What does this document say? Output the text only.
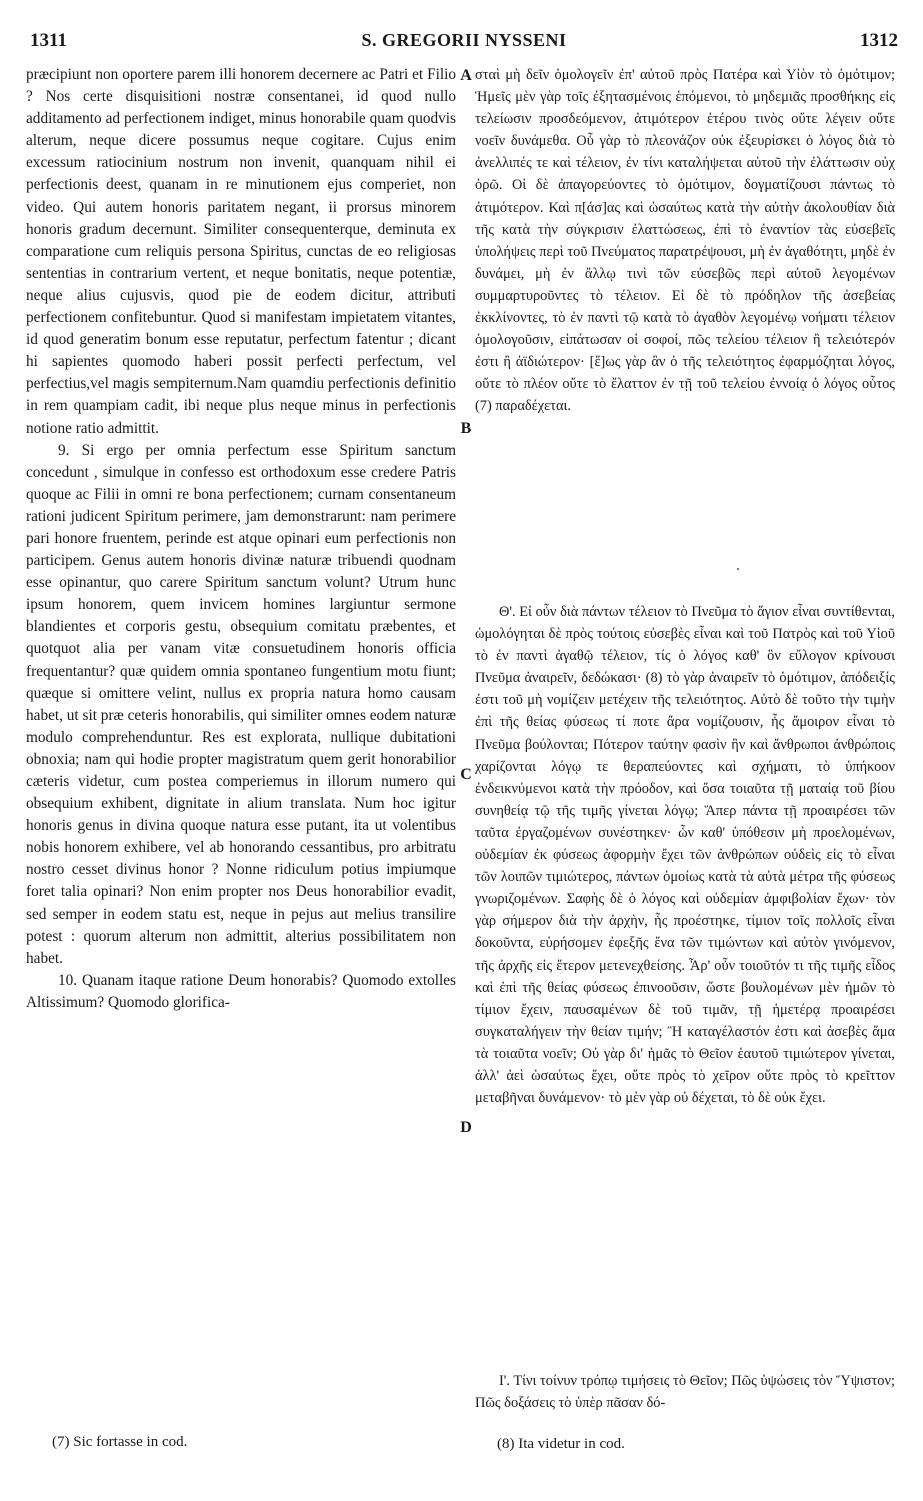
1311	S. GREGORII NYSSENI	1312

præcipiunt non oportere parem illi honorem decernere ac Patri et Filio ? Nos certe disquisitioni nostræ consentanei, id quod nullo additamento ad perfectionem indiget, minus honorabile quam quodvis alterum, neque dicere possumus neque cogitare. Cujus enim excessum ratiocinium nostrum non invenit, quanquam nihil ei perfectionis deest, quanam in re minutionem ejus comperiet, non video. Qui autem honoris paritatem negant, ii prorsus minorem honoris gradum decernunt. Similiter consequenterque, deminuta ex comparatione cum reliquis persona Spiritus, cunctas de eo religiosas sententias in contrarium vertent, et neque bonitatis, neque potentiæ, neque alius cujusvis, quod pie de eodem dicitur, attributi perfectionem confitebuntur. Quod si manifestam impietatem vitantes, id quod generatim bonum esse reputatur, perfectum fatentur ; dicant hi sapientes quomodo haberi possit perfecti perfectum, vel perfectius,vel magis sempiternum.Nam quamdiu perfectionis definitio in rem quampiam cadit, ibi neque plus neque minus in perfectionis notione ratio admittit.

9. Si ergo per omnia perfectum esse Spiritum sanctum concedunt , simulque in confesso est orthodoxum esse credere Patris quoque ac Filii in omni re bona perfectionem; curnam consentaneum rationi judicent Spiritum perimere, jam demonstrarunt: nam perimere pari honore fruentem, perinde est atque opinari eum perfectionis non participem. Genus autem honoris divinæ naturæ tribuendi quodnam esse opinantur, quo carere Spiritum sanctum volunt? Utrum hunc ipsum honorem, quem invicem homines largiuntur sermone blandientes et corporis gestu, obsequium comitatu præbentes, et quotquot alia per vanam vitæ consuetudinem honoris officia frequentantur? quæ quidem omnia spontaneo fungentium motu fiunt; quæque si omittere velint, nullus ex propria natura homo causam habet, ut sit præ ceteris honorabilis, qui similiter omnes eodem naturæ modulo comprehenduntur. Res est explorata, nullique dubitationi obnoxia; nam qui hodie propter magistratum quem gerit honorabilior cæteris videtur, cum postea comperiemus in illorum numero qui obsequium exhibent, dignitate in alium translata. Num hoc igitur honoris genus in divina quoque natura esse putant, ita ut volentibus nobis honorem exhibere, vel ab honorando cessantibus, pro arbitratu nostro cesset divinus honor ? Nonne ridiculum potius impiumque foret talia opinari? Non enim propter nos Deus honorabilior evadit, sed semper in eodem statu est, neque in pejus aut melius transilire potest : quorum alterum non admittit, alterius possibilitatem non habet.

10. Quanam itaque ratione Deum honorabis? Quomodo extolles Altissimum? Quomodo glorifica-

A
B
C
D
σταὶ μὴ δεῖν ὁμολογεῖν ἐπ' αὐτοῦ πρὸς Πατέρα καὶ Υἱὸν τὸ ὁμότιμον; Ἡμεῖς μὲν γὰρ τοῖς ἐξητασμένοις ἑπόμενοι, τὸ μηδεμιᾶς προσθήκης εἰς τελείωσιν προσδεόμενον, ἀτιμότερον ἑτέρου τινὸς οὔτε λέγειν οὔτε νοεῖν δυνάμεθα. Οὗ γὰρ τὸ πλεονάζον οὐκ ἐξευρίσκει ὁ λόγος διὰ τὸ ἀνελλιπές τε καὶ τέλειον, ἐν τίνι καταλήψεται αὐτοῦ τὴν ἐλάττωσιν οὐχ ὁρῶ. Οἱ δὲ ἀπαγορεύοντες τὸ ὁμότιμον, δογματίζουσι πάντως τὸ ἀτιμότερον. Καὶ π[άσ]ας καὶ ὡσαύτως κατὰ τὴν αὐτὴν ἀκολουθίαν διὰ τῆς κατὰ τὴν σύγκρισιν ἐλαττώσεως, ἐπὶ τὸ ἐναντίον τὰς εὐσεβεῖς ὑπολήψεις περὶ τοῦ Πνεύματος παρατρέψουσι, μὴ ἐν ἀγαθότητι, μηδὲ ἐν δυνάμει, μὴ ἐν ἄλλῳ τινὶ τῶν εὐσεβῶς περὶ αὐτοῦ λεγομένων συμμαρτυροῦντες τὸ τέλειον. Εἰ δὲ τὸ πρόδηλον τῆς ἀσεβείας ἐκκλίνοντες, τὸ ἐν παντὶ τῷ κατὰ τὸ ἀγαθὸν λεγομένῳ νοήματι τέλειον ὁμολογοῦσιν, εἰπάτωσαν οἱ σοφοί, πῶς τελείου τέλειον ἢ τελειότερόν ἐστι ἢ ἀϊδιώτερον· [ἕ]ως γὰρ ἂν ὁ τῆς τελειότητος ἐφαρμόζηται λόγος, οὔτε τὸ πλέον οὔτε τὸ ἔλαττον ἐν τῇ τοῦ τελείου ἐννοίᾳ ὁ λόγος οὗτος (7) παραδέχεται.
Θ'. Εἰ οὖν διὰ πάντων τέλειον τὸ Πνεῦμα τὸ ἅγιον εἶναι συντίθενται, ὡμολόγηται δὲ πρὸς τούτοις εὐσεβὲς εἶναι καὶ τοῦ Πατρὸς καὶ τοῦ Υἱοῦ τὸ ἐν παντὶ ἀγαθῷ τέλειον, τίς ὁ λόγος καθ' ὃν εὔλογον κρίνουσι Πνεῦμα ἀναιρεῖν, δεδώκασι· (8) τὸ γὰρ ἀναιρεῖν τὸ ὁμότιμον, ἀπόδειξίς ἐστι τοῦ μὴ νομίζειν μετέχειν τῆς τελειότητος. Αὐτὸ δὲ τοῦτο τὴν τιμὴν ἐπὶ τῆς θείας φύσεως τί ποτε ἄρα νομίζουσιν, ἧς ἄμοιρον εἶναι τὸ Πνεῦμα βούλονται; Πότερον ταύτην φασὶν ἣν καὶ ἄνθρωποι ἀνθρώποις χαρίζονται λόγῳ τε θεραπεύοντες καὶ σχήματι, τὸ ὑπήκοον ἐνδεικνύμενοι κατὰ τὴν πρόοδον, καὶ ὅσα τοιαῦτα τῇ ματαίᾳ τοῦ βίου συνηθείᾳ τῷ τῆς τιμῆς γίνεται λόγῳ; Ἅπερ πάντα τῇ προαιρέσει τῶν ταῦτα ἐργαζομένων συνέστηκεν· ὧν καθ' ὑπόθεσιν μὴ προελομένων, οὐδεμίαν ἐκ φύσεως ἀφορμὴν ἔχει τῶν ἀνθρώπων οὐδεὶς εἰς τὸ εἶναι τῶν λοιπῶν τιμιώτερος, πάντων ὁμοίως κατὰ τὰ αὐτὰ μέτρα τῆς φύσεως γνωριζομένων. Σαφὴς δὲ ὁ λόγος καὶ οὐδεμίαν ἀμφιβολίαν ἔχων· τὸν γὰρ σήμερον διὰ τὴν ἀρχὴν, ἧς προέστηκε, τίμιον τοῖς πολλοῖς εἶναι δοκοῦντα, εὑρήσομεν ἐφεξῆς ἕνα τῶν τιμώντων καὶ αὐτὸν γινόμενον, τῆς ἀρχῆς εἰς ἕτερον μετενεχθείσης. Ἆρ' οὖν τοιοῦτόν τι τῆς τιμῆς εἶδος καὶ ἐπὶ τῆς θείας φύσεως ἐπινοοῦσιν, ὥστε βουλομένων μὲν ἡμῶν τὸ τίμιον ἔχειν, παυσαμένων δὲ τοῦ τιμᾶν, τῇ ἡμετέρᾳ προαιρέσει συγκαταλήγειν τὴν θείαν τιμήν; Ἢ καταγέλαστόν ἐστι καὶ ἀσεβὲς ἅμα τὰ τοιαῦτα νοεῖν; Οὐ γὰρ δι' ἡμᾶς τὸ Θεῖον ἑαυτοῦ τιμιώτερον γίνεται, ἀλλ' ἀεὶ ὡσαύτως ἔχει, οὔτε πρὸς τὸ χεῖρον οὔτε πρὸς τὸ κρεῖττον μεταβῆναι δυνάμενον· τὸ μὲν γὰρ οὐ δέχεται, τὸ δὲ οὐκ ἔχει.
Ι'. Τίνι τοίνυν τρόπῳ τιμήσεις τὸ Θεῖον; Πῶς ὑψώσεις τὸν Ὕψιστον; Πῶς δοξάσεις τὸ ὑπὲρ πᾶσαν δό-
(7) Sic fortasse in cod.	(8) Ita videtur in cod.
